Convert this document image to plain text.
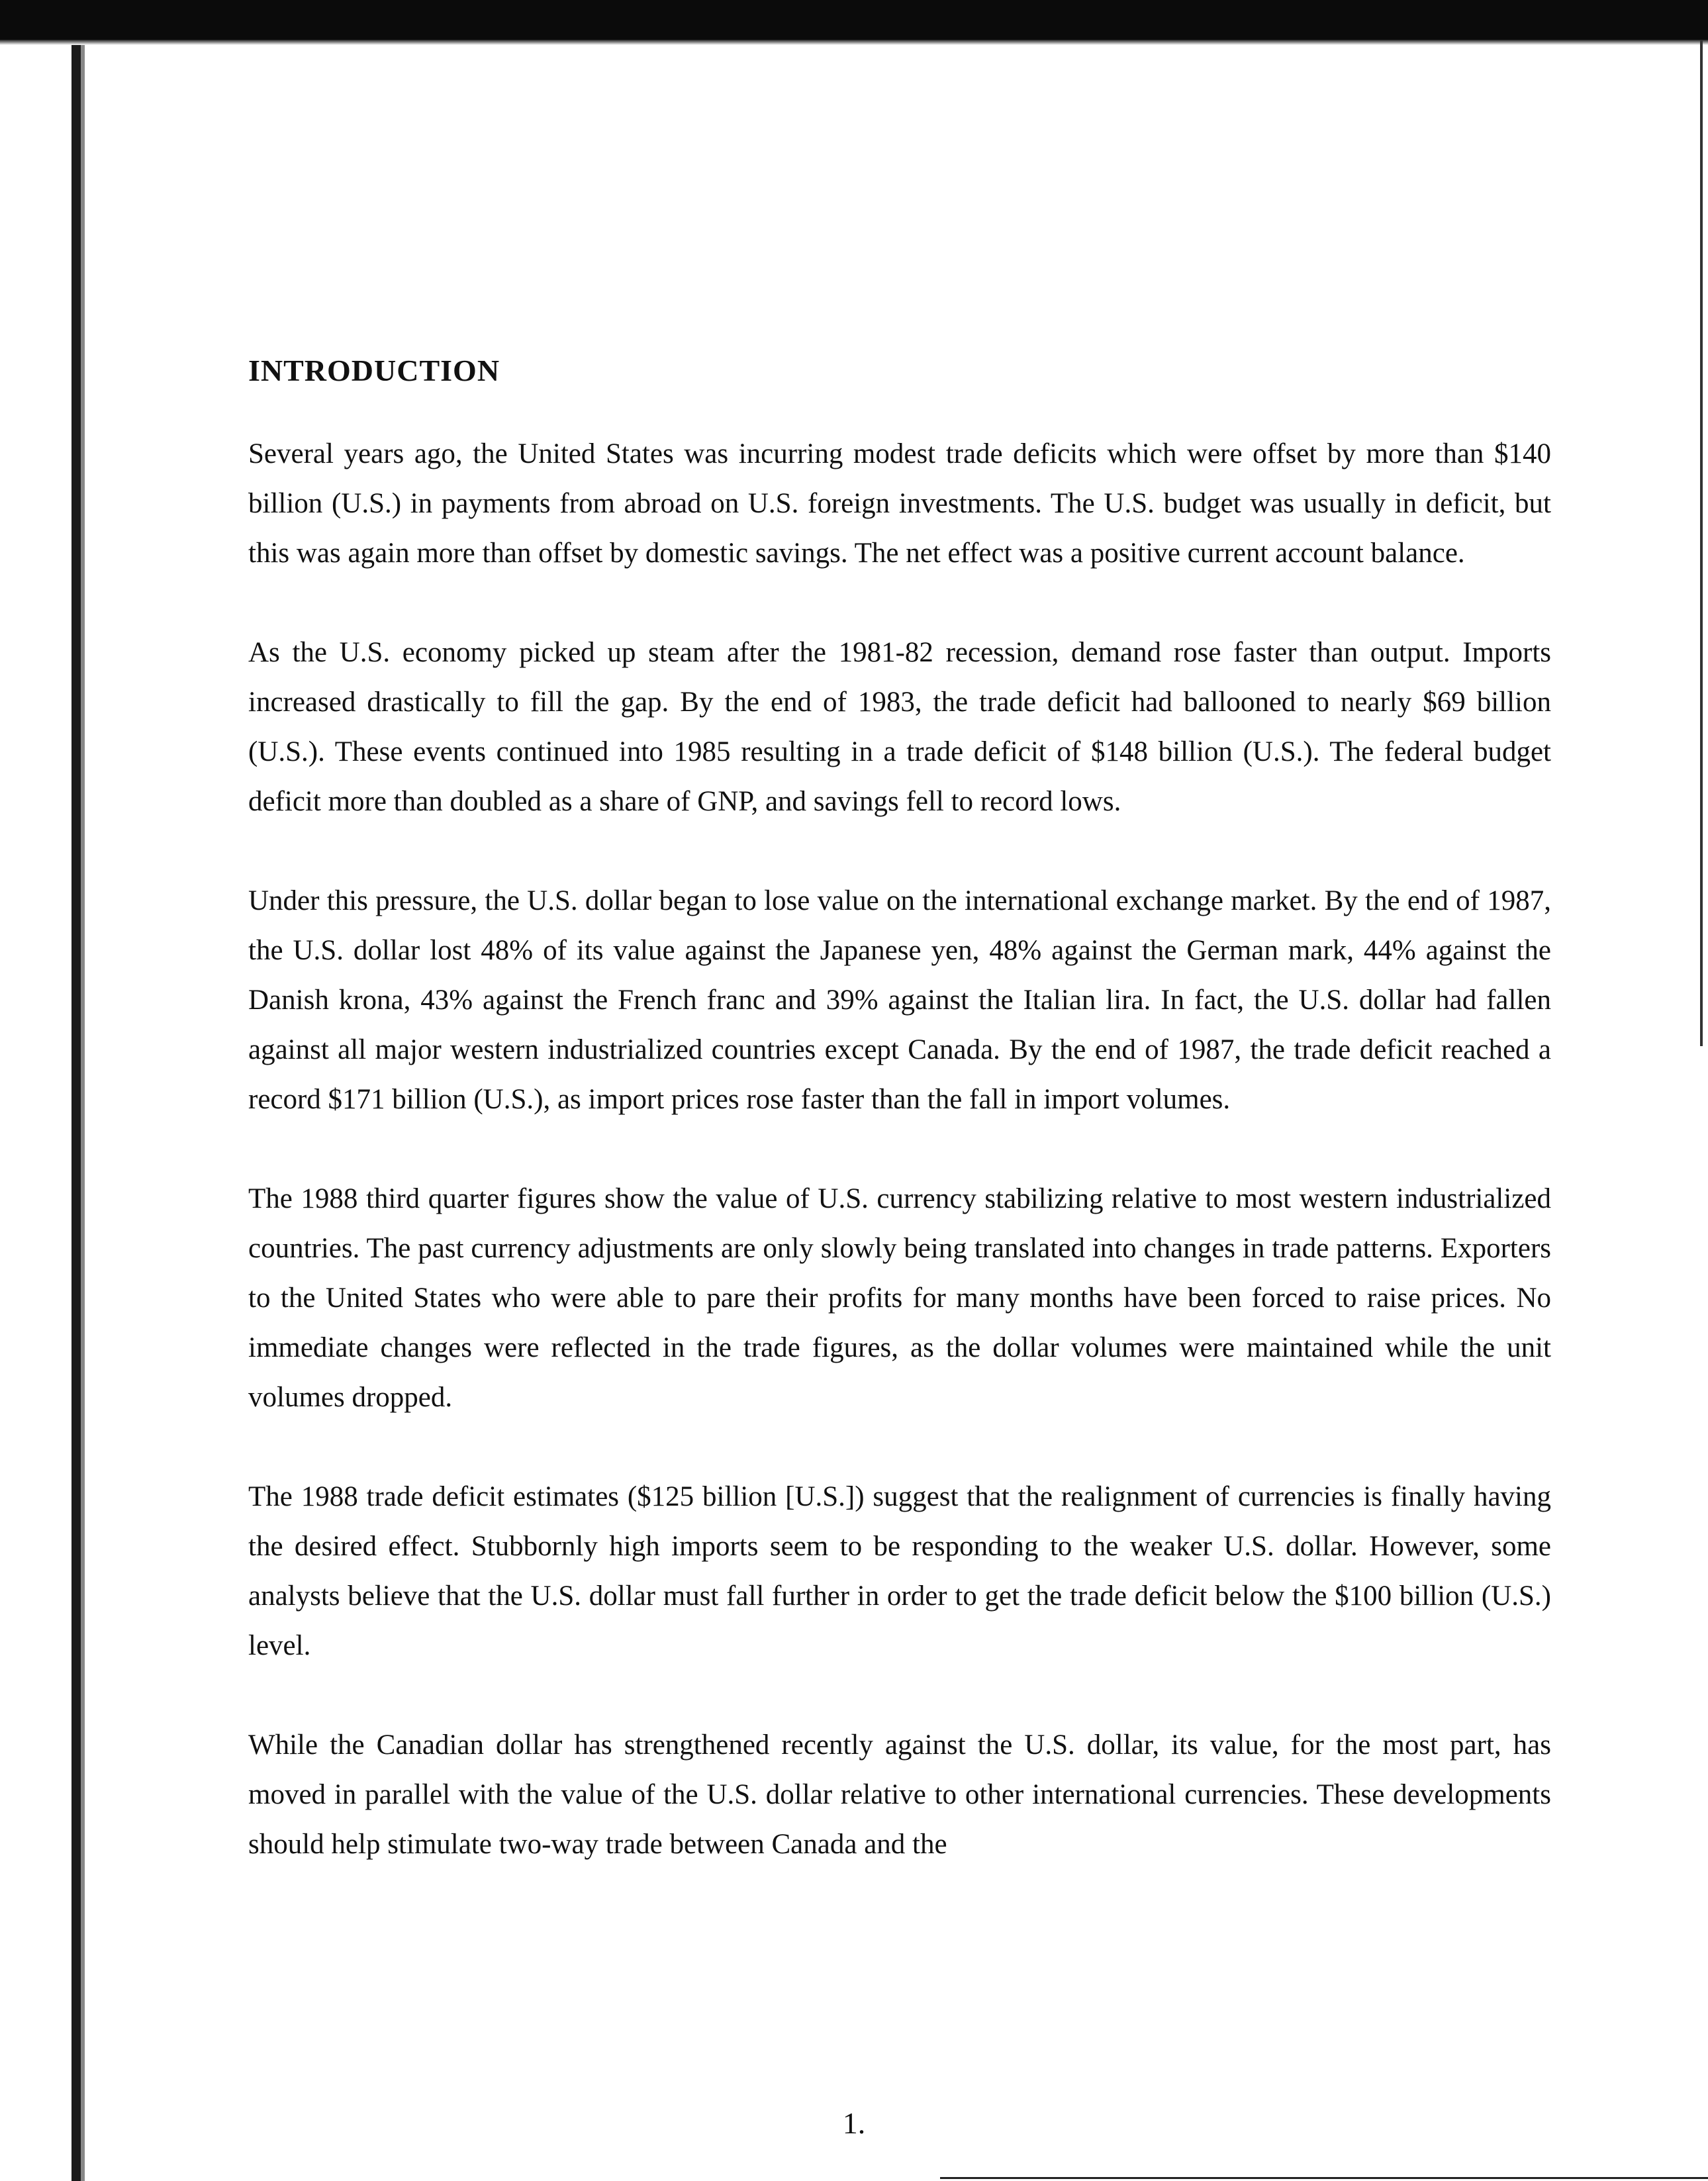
INTRODUCTION

Several years ago, the United States was incurring modest trade deficits which were offset by more than $140 billion (U.S.) in payments from abroad on U.S. foreign investments. The U.S. budget was usually in deficit, but this was again more than offset by domestic savings. The net effect was a positive current account balance.

As the U.S. economy picked up steam after the 1981-82 recession, demand rose faster than output. Imports increased drastically to fill the gap. By the end of 1983, the trade deficit had ballooned to nearly $69 billion (U.S.). These events continued into 1985 resulting in a trade deficit of $148 billion (U.S.). The federal budget deficit more than doubled as a share of GNP, and savings fell to record lows.

Under this pressure, the U.S. dollar began to lose value on the international exchange market. By the end of 1987, the U.S. dollar lost 48% of its value against the Japanese yen, 48% against the German mark, 44% against the Danish krona, 43% against the French franc and 39% against the Italian lira. In fact, the U.S. dollar had fallen against all major western industrialized countries except Canada. By the end of 1987, the trade deficit reached a record $171 billion (U.S.), as import prices rose faster than the fall in import volumes.

The 1988 third quarter figures show the value of U.S. currency stabilizing relative to most western industrialized countries. The past currency adjustments are only slowly being translated into changes in trade patterns. Exporters to the United States who were able to pare their profits for many months have been forced to raise prices. No immediate changes were reflected in the trade figures, as the dollar volumes were maintained while the unit volumes dropped.

The 1988 trade deficit estimates ($125 billion [U.S.]) suggest that the realignment of currencies is finally having the desired effect. Stubbornly high imports seem to be responding to the weaker U.S. dollar. However, some analysts believe that the U.S. dollar must fall further in order to get the trade deficit below the $100 billion (U.S.) level.

While the Canadian dollar has strengthened recently against the U.S. dollar, its value, for the most part, has moved in parallel with the value of the U.S. dollar relative to other international currencies. These developments should help stimulate two-way trade between Canada and the

1.
